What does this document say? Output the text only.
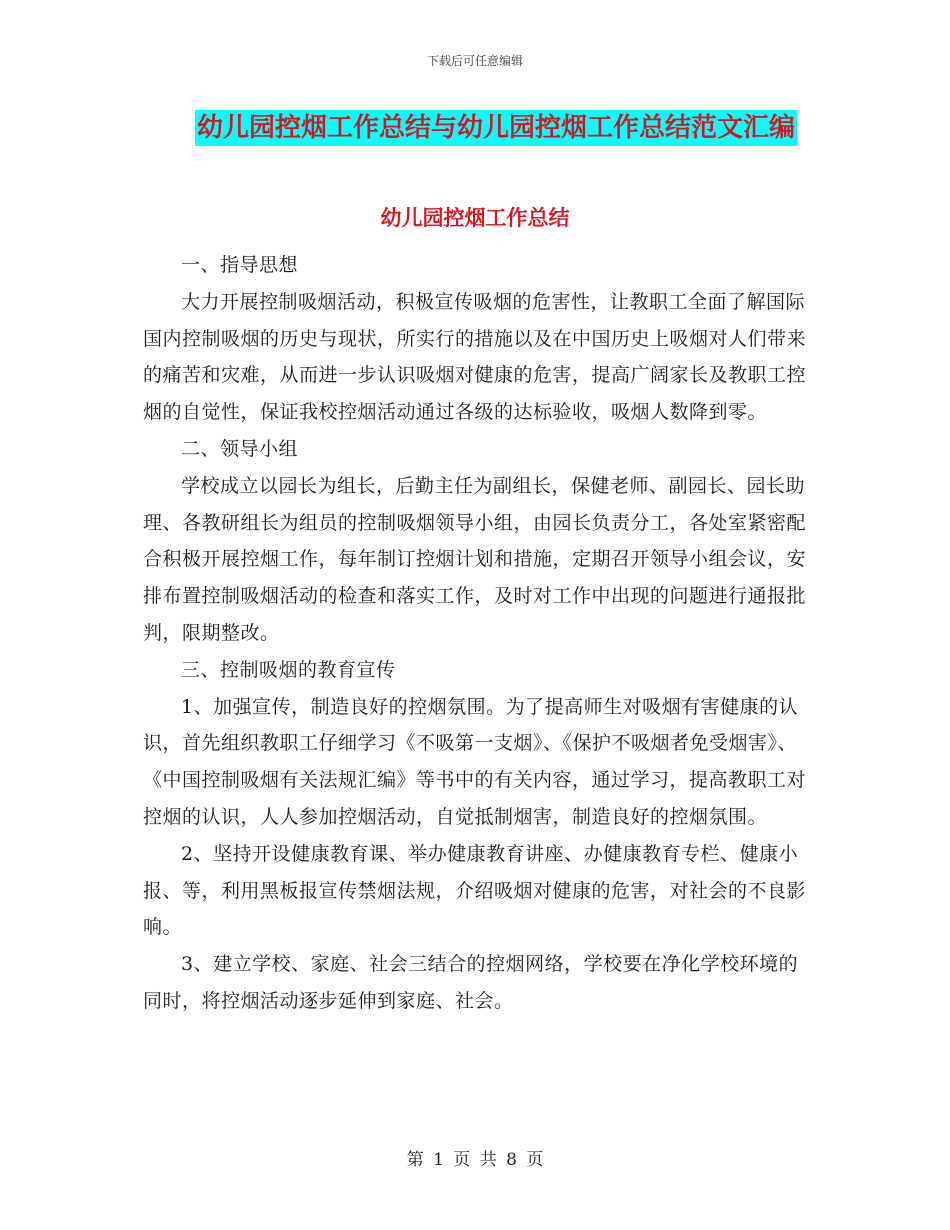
下载后可任意编辑
幼儿园控烟工作总结与幼儿园控烟工作总结范文汇编
幼儿园控烟工作总结

一、指导思想

大力开展控制吸烟活动，积极宣传吸烟的危害性，让教职工全面了解国际国内控制吸烟的历史与现状，所实行的措施以及在中国历史上吸烟对人们带来的痛苦和灾难，从而进一步认识吸烟对健康的危害，提高广阔家长及教职工控烟的自觉性，保证我校控烟活动通过各级的达标验收，吸烟人数降到零。

二、领导小组

学校成立以园长为组长，后勤主任为副组长，保健老师、副园长、园长助理、各教研组长为组员的控制吸烟领导小组，由园长负责分工，各处室紧密配合积极开展控烟工作，每年制订控烟计划和措施，定期召开领导小组会议，安排布置控制吸烟活动的检查和落实工作，及时对工作中出现的问题进行通报批判，限期整改。

三、控制吸烟的教育宣传

1、加强宣传，制造良好的控烟氛围。为了提高师生对吸烟有害健康的认识，首先组织教职工仔细学习《不吸第一支烟》、《保护不吸烟者免受烟害》、《中国控制吸烟有关法规汇编》等书中的有关内容，通过学习，提高教职工对控烟的认识，人人参加控烟活动，自觉抵制烟害，制造良好的控烟氛围。

2、坚持开设健康教育课、举办健康教育讲座、办健康教育专栏、健康小报、等，利用黑板报宣传禁烟法规，介绍吸烟对健康的危害，对社会的不良影响。

3、建立学校、家庭、社会三结合的控烟网络，学校要在净化学校环境的同时，将控烟活动逐步延伸到家庭、社会。

第 1 页 共 8 页
